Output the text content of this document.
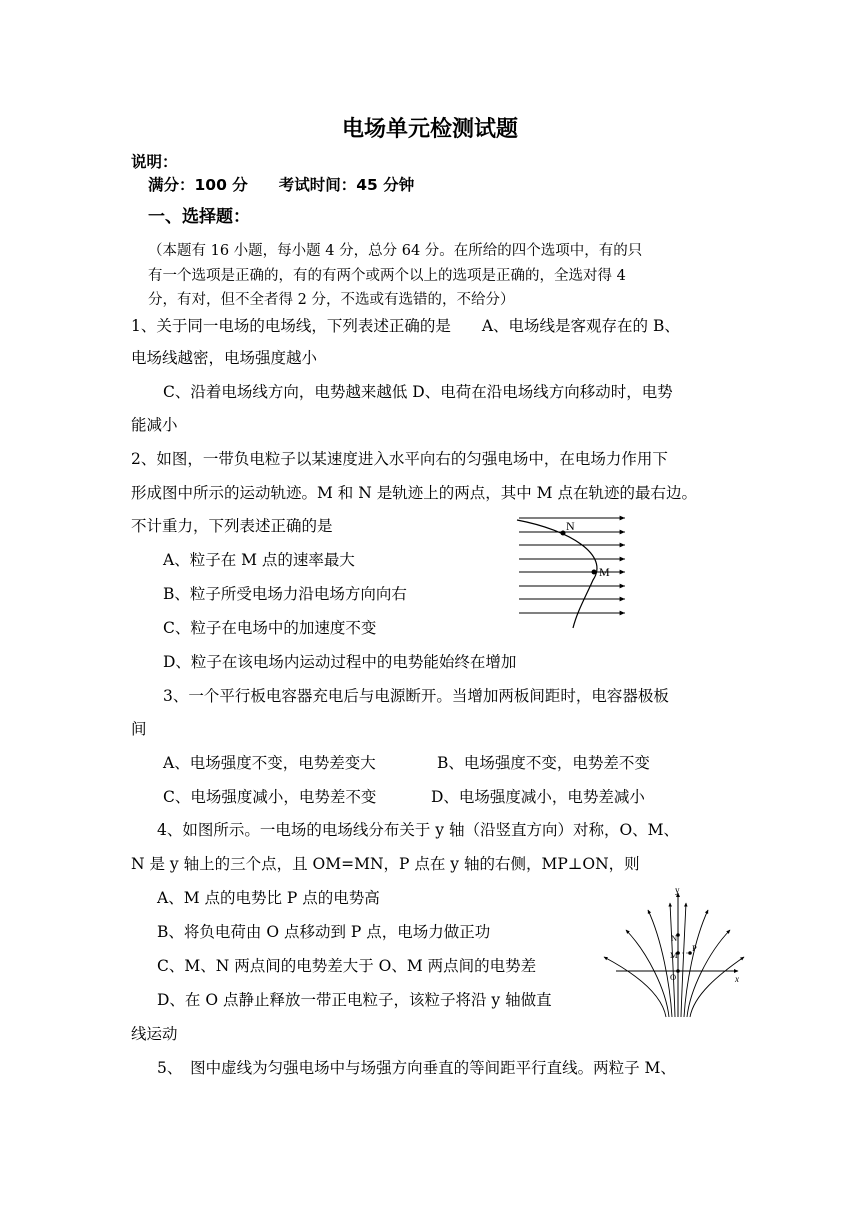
电场单元检测试题
说明：
满分：100 分　　考试时间：45 分钟
一、选择题：
（本题有 16 小题，每小题 4 分，总分 64 分。在所给的四个选项中，有的只
有一个选项是正确的，有的有两个或两个以上的选项是正确的，全选对得 4
分，有对，但不全者得 2 分，不选或有选错的，不给分）
1、关于同一电场的电场线，下列表述正确的是　　A、电场线是客观存在的 B、
电场线越密，电场强度越小
C、沿着电场线方向，电势越来越低 D、电荷在沿电场线方向移动时，电势
能减小
2、如图，一带负电粒子以某速度进入水平向右的匀强电场中，在电场力作用下
形成图中所示的运动轨迹。M 和 N 是轨迹上的两点，其中 M 点在轨迹的最右边。
不计重力，下列表述正确的是
A、粒子在 M 点的速率最大
B、粒子所受电场力沿电场方向向右
C、粒子在电场中的加速度不变
D、粒子在该电场内运动过程中的电势能始终在增加
N
M
3、一个平行板电容器充电后与电源断开。当增加两板间距时，电容器极板
间
A、电场强度不变，电势差变大	B、电场强度不变，电势差不变
C、电场强度减小，电势差不变	D、电场强度减小，电势差减小
4、如图所示。一电场的电场线分布关于 y 轴（沿竖直方向）对称，O、M、
N 是 y 轴上的三个点，且 OM=MN，P 点在 y 轴的右侧，MP⊥ON，则
A、M 点的电势比 P 点的电势高
B、将负电荷由 O 点移动到 P 点，电场力做正功
C、M、N 两点间的电势差大于 O、M 两点间的电势差
D、在 O 点静止释放一带正电粒子，该粒子将沿 y 轴做直
线运动
y
x
N
M
P
O
5、　图中虚线为匀强电场中与场强方向垂直的等间距平行直线。两粒子 M、
